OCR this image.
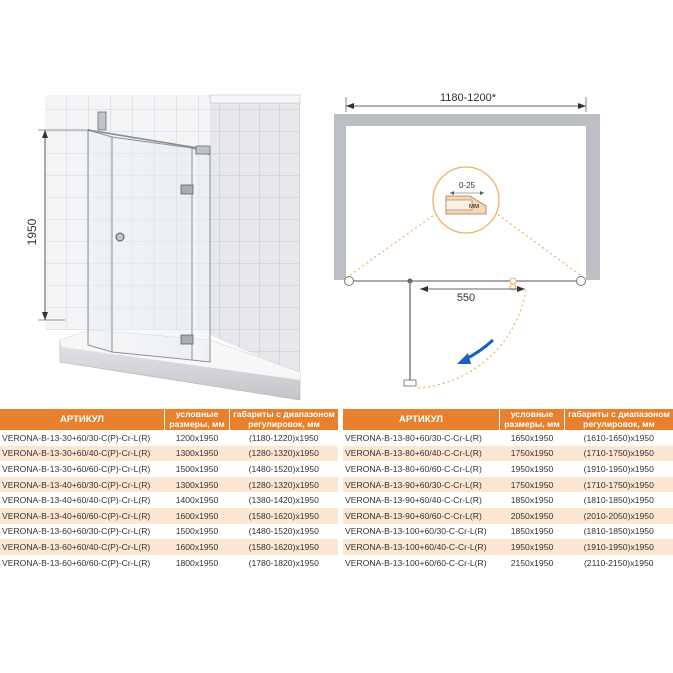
1950
1180-1200*
550
0-25
мм
АРТИКУЛ	условные
размеры, мм	габариты с диапазоном
регулировок, мм
VERONA-B-13-30+60/30-C(P)-Cr-L(R)	1200x1950	(1180-1220)x1950
VERONA-B-13-30+60/40-C(P)-Cr-L(R)	1300x1950	(1280-1320)x1950
VERONA-B-13-30+60/60-C(P)-Cr-L(R)	1500x1950	(1480-1520)x1950
VERONA-B-13-40+60/30-C(P)-Cr-L(R)	1300x1950	(1280-1320)x1950
VERONA-B-13-40+60/40-C(P)-Cr-L(R)	1400x1950	(1380-1420)x1950
VERONA-B-13-40+60/60-C(P)-Cr-L(R)	1600x1950	(1580-1620)x1950
VERONA-B-13-60+60/30-C(P)-Cr-L(R)	1500x1950	(1480-1520)x1950
VERONA-B-13-60+60/40-C(P)-Cr-L(R)	1600x1950	(1580-1620)x1950
VERONA-B-13-60+60/60-C(P)-Cr-L(R)	1800x1950	(1780-1820)x1950
АРТИКУЛ	условные
размеры, мм	габариты с диапазоном
регулировок, мм
VERONA-B-13-80+60/30-C-Cr-L(R)	1650x1950	(1610-1650)x1950
VERONA-B-13-80+60/40-C-Cr-L(R)	1750x1950	(1710-1750)x1950
VERONA-B-13-80+60/60-C-Cr-L(R)	1950x1950	(1910-1950)x1950
VERONA-B-13-90+60/30-C-Cr-L(R)	1750x1950	(1710-1750)x1950
VERONA-B-13-90+60/40-C-Cr-L(R)	1850x1950	(1810-1850)x1950
VERONA-B-13-90+60/60-C-Cr-L(R)	2050x1950	(2010-2050)x1950
VERONA-B-13-100+60/30-C-Cr-L(R)	1850x1950	(1810-1850)x1950
VERONA-B-13-100+60/40-C-Cr-L(R)	1950x1950	(1910-1950)x1950
VERONA-B-13-100+60/60-C-Cr-L(R)	2150x1950	(2110-2150)x1950
